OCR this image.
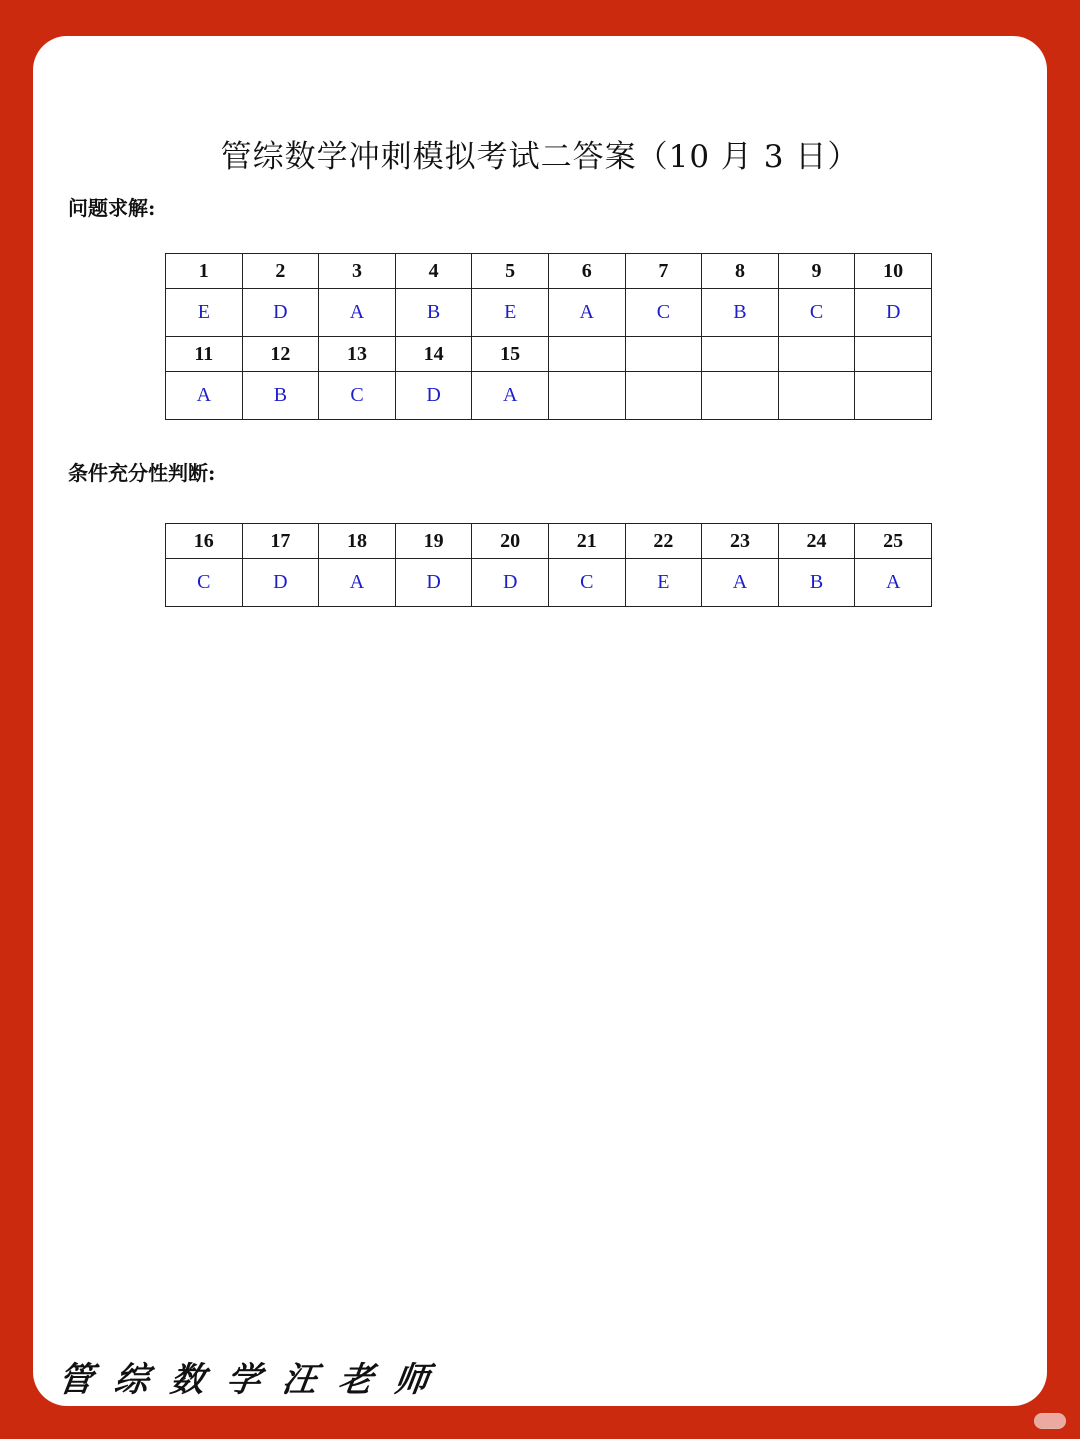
管综数学冲刺模拟考试二答案（10 月 3 日）
问题求解:
1	2	3	4	5	6	7	8	9	10
E	D	A	B	E	A	C	B	C	D
11	12	13	14	15					
A	B	C	D	A					
条件充分性判断:
16	17	18	19	20	21	22	23	24	25
C	D	A	D	D	C	E	A	B	A
管综数学汪老师
